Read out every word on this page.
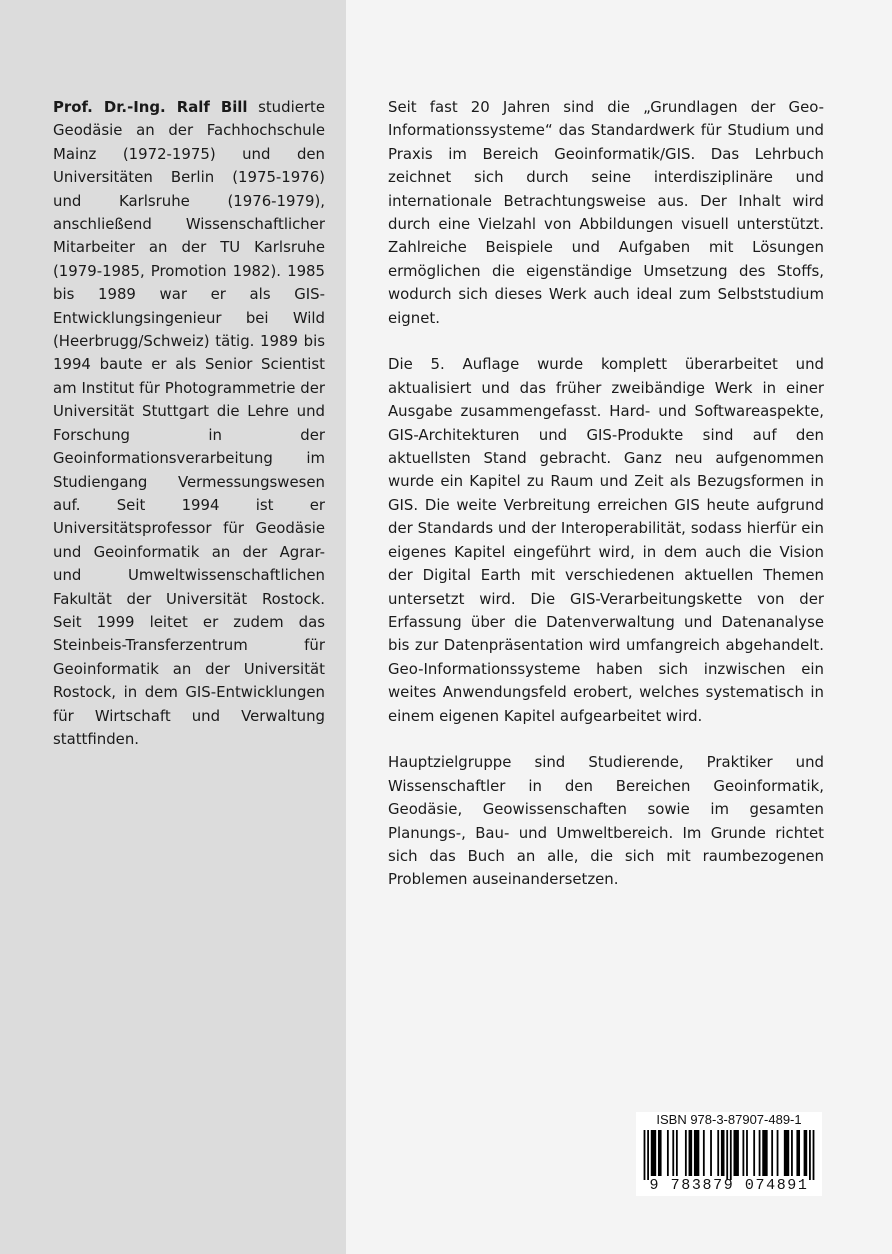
Prof. Dr.-Ing. Ralf Bill studierte Geodäsie an der Fachhochschule Mainz (1972-1975) und den Universitäten Berlin (1975-1976) und Karlsruhe (1976-1979), anschließend Wissenschaftlicher Mitarbeiter an der TU Karlsruhe (1979-1985, Promotion 1982). 1985 bis 1989 war er als GIS-Entwicklungsingenieur bei Wild (Heerbrugg/Schweiz) tätig. 1989 bis 1994 baute er als Senior Scientist am Institut für Photogrammetrie der Universität Stuttgart die Lehre und Forschung in der Geoinformationsverarbeitung im Studiengang Vermessungswesen auf. Seit 1994 ist er Universitätsprofessor für Geodäsie und Geoinformatik an der Agrar- und Umweltwissenschaftlichen Fakultät der Universität Rostock. Seit 1999 leitet er zudem das Steinbeis-Transferzentrum für Geoinformatik an der Universität Rostock, in dem GIS-Entwicklungen für Wirtschaft und Verwaltung stattfinden.

Seit fast 20 Jahren sind die „Grundlagen der Geo-Informationssysteme“ das Standardwerk für Studium und Praxis im Bereich Geoinformatik/GIS. Das Lehrbuch zeichnet sich durch seine interdisziplinäre und internationale Betrachtungsweise aus. Der Inhalt wird durch eine Vielzahl von Abbildungen visuell unterstützt. Zahlreiche Beispiele und Aufgaben mit Lösungen ermöglichen die eigenständige Umsetzung des Stoffs, wodurch sich dieses Werk auch ideal zum Selbststudium eignet.

Die 5. Auflage wurde komplett überarbeitet und aktualisiert und das früher zweibändige Werk in einer Ausgabe zusammengefasst. Hard- und Softwareaspekte, GIS-Architekturen und GIS-Produkte sind auf den aktuellsten Stand gebracht. Ganz neu aufgenommen wurde ein Kapitel zu Raum und Zeit als Bezugsformen in GIS. Die weite Verbreitung erreichen GIS heute aufgrund der Standards und der Interoperabilität, sodass hierfür ein eigenes Kapitel eingeführt wird, in dem auch die Vision der Digital Earth mit verschiedenen aktuellen Themen untersetzt wird. Die GIS-Verarbeitungskette von der Erfassung über die Datenverwaltung und Datenanalyse bis zur Datenpräsentation wird umfangreich abgehandelt. Geo-Informationssysteme haben sich inzwischen ein weites Anwendungsfeld erobert, welches systematisch in einem eigenen Kapitel aufgearbeitet wird.

Hauptzielgruppe sind Studierende, Praktiker und Wissenschaftler in den Bereichen Geoinformatik, Geodäsie, Geowissenschaften sowie im gesamten Planungs-, Bau- und Umweltbereich. Im Grunde richtet sich das Buch an alle, die sich mit raumbezogenen Problemen auseinandersetzen.

ISBN 978-3-87907-489-1
9 783879 074891
